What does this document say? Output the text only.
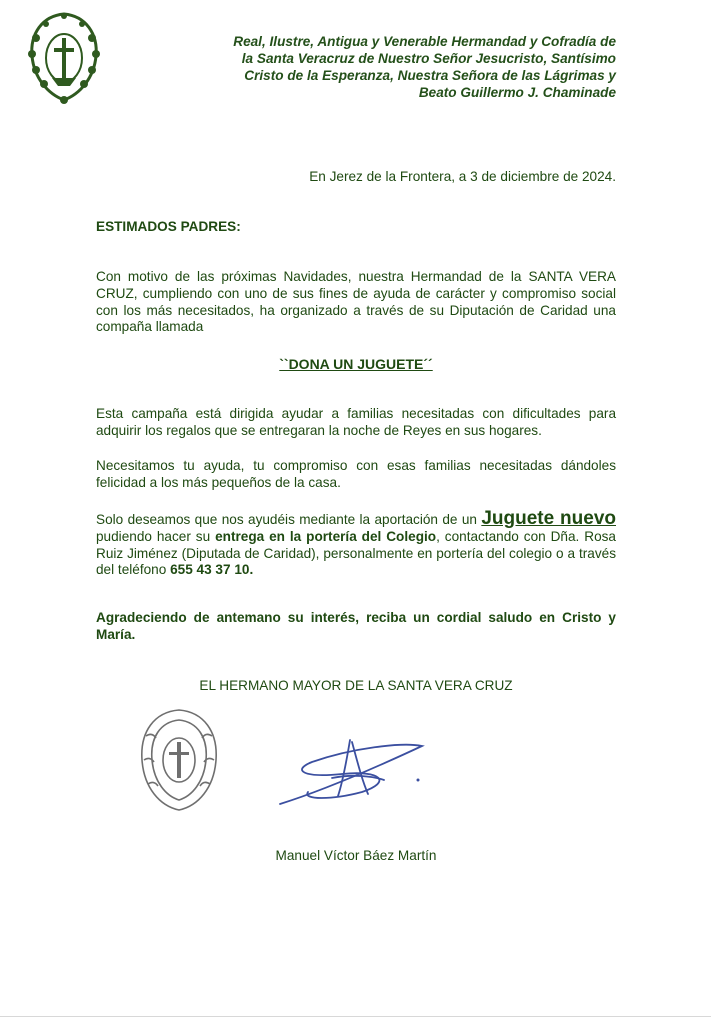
Real, Ilustre, Antigua y Venerable Hermandad y Cofradía de la Santa Veracruz de Nuestro Señor Jesucristo, Santísimo Cristo de la Esperanza, Nuestra Señora de las Lágrimas y Beato Guillermo J. Chaminade
En Jerez de la Frontera, a 3 de diciembre de 2024.
ESTIMADOS PADRES:
Con motivo de las próximas Navidades, nuestra Hermandad de la SANTA VERA CRUZ, cumpliendo con uno de sus fines de ayuda de carácter y compromiso social con los más necesitados, ha organizado a través de su Diputación de Caridad una compaña llamada
``DONA UN JUGUETE´´
Esta campaña está dirigida ayudar a familias necesitadas con dificultades para adquirir los regalos que se entregaran la noche de Reyes en sus hogares.
Necesitamos tu ayuda, tu compromiso con esas familias necesitadas dándoles felicidad a los más pequeños de la casa.
Solo deseamos que nos ayudéis mediante la aportación de un Juguete nuevo pudiendo hacer su entrega en la portería del Colegio, contactando con Dña. Rosa Ruiz Jiménez (Diputada de Caridad), personalmente en portería del colegio o a través del teléfono 655 43 37 10.
Agradeciendo de antemano su interés, reciba un cordial saludo en Cristo y María.
EL HERMANO MAYOR DE LA SANTA VERA CRUZ
Manuel Víctor Báez Martín
